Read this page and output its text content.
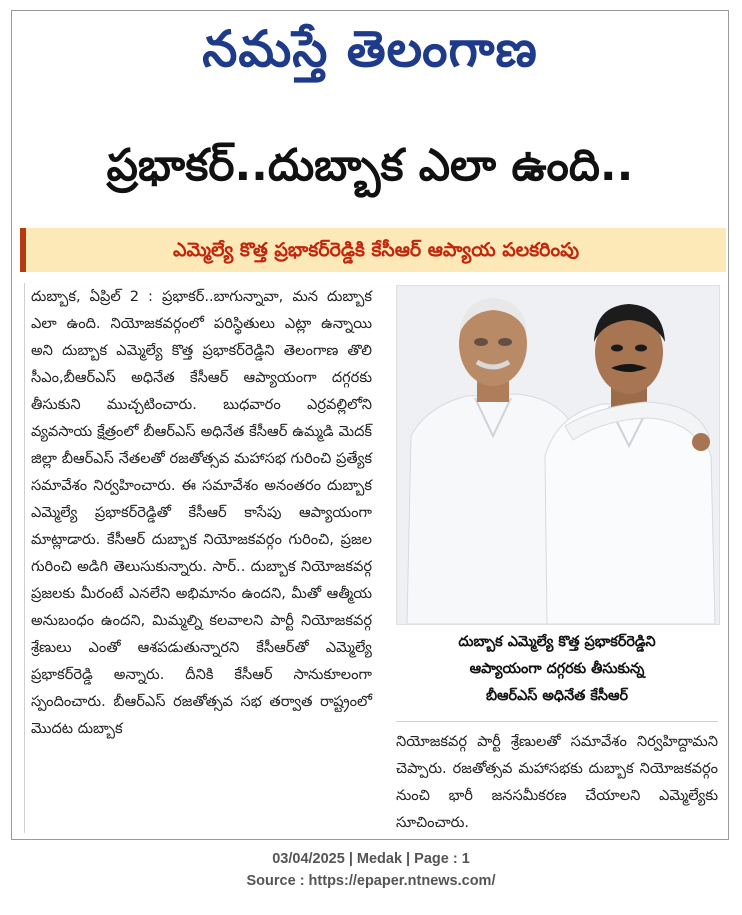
నమస్తే తెలంగాణ
ప్రభాకర్..దుబ్బాక ఎలా ఉంది..
ఎమ్మెల్యే కొత్త ప్రభాకర్‌రెడ్డికి కేసీఆర్‌ ఆప్యాయ పలకరింపు

దుబ్బాక, ఏప్రిల్‌ 2 : ప్రభాకర్‌..బాగున్నావా, మన దుబ్బాక ఎలా ఉంది. నియోజకవర్గంలో పరిస్థితులు ఎట్లా ఉన్నాయి అని దుబ్బాక ఎమ్మెల్యే కొత్త ప్రభాకర్‌రెడ్డిని తెలంగాణ తొలి సీఎం,బీఆర్‌ఎస్‌ అధినేత కేసీఆర్‌ ఆప్యాయంగా దగ్గరకు తీసుకుని ముచ్చటించారు. బుధవారం ఎర్రవల్లిలోని వ్యవసాయ క్షేత్రంలో బీఆర్‌ఎస్‌ అధినేత కేసీఆర్‌ ఉమ్మడి మెదక్‌ జిల్లా బీఆర్‌ఎస్‌ నేతలతో రజతోత్సవ మహాసభ గురించి ప్రత్యేక సమావేశం నిర్వహించారు. ఈ సమావేశం అనంతరం దుబ్బాక ఎమ్మెల్యే ప్రభాకర్‌రెడ్డితో కేసీఆర్‌ కాసేపు ఆప్యాయంగా మాట్లాడారు. కేసీఆర్‌ దుబ్బాక నియోజకవర్గం గురించి, ప్రజల గురించి అడిగి తెలుసుకున్నారు. సార్‌.. దుబ్బాక నియోజకవర్గ ప్రజలకు మీరంటే ఎనలేని అభిమానం ఉందని, మీతో ఆత్మీయ అనుబంధం ఉందని, మిమ్మల్ని కలవాలని పార్టీ నియోజకవర్గ శ్రేణులు ఎంతో ఆశపడుతున్నారని కేసీఆర్‌తో ఎమ్మెల్యే ప్రభాకర్‌రెడ్డి అన్నారు. దీనికి కేసీఆర్‌ సానుకూలంగా స్పందించారు. బీఆర్‌ఎస్‌ రజతోత్సవ సభ తర్వాత రాష్ట్రంలో మొదట దుబ్బాక

దుబ్బాక ఎమ్మెల్యే కొత్త ప్రభాకర్‌రెడ్డిని
ఆప్యాయంగా దగ్గరకు తీసుకున్న
బీఆర్‌ఎస్‌ అధినేత కేసీఆర్‌

నియోజకవర్గ పార్టీ శ్రేణులతో సమావేశం నిర్వహిద్దామని చెప్పారు. రజతోత్సవ మహాసభకు దుబ్బాక నియోజకవర్గం నుంచి భారీ జనసమీకరణ చేయాలని ఎమ్మెల్యేకు సూచించారు.

03/04/2025 | Medak | Page : 1
Source : https://epaper.ntnews.com/
